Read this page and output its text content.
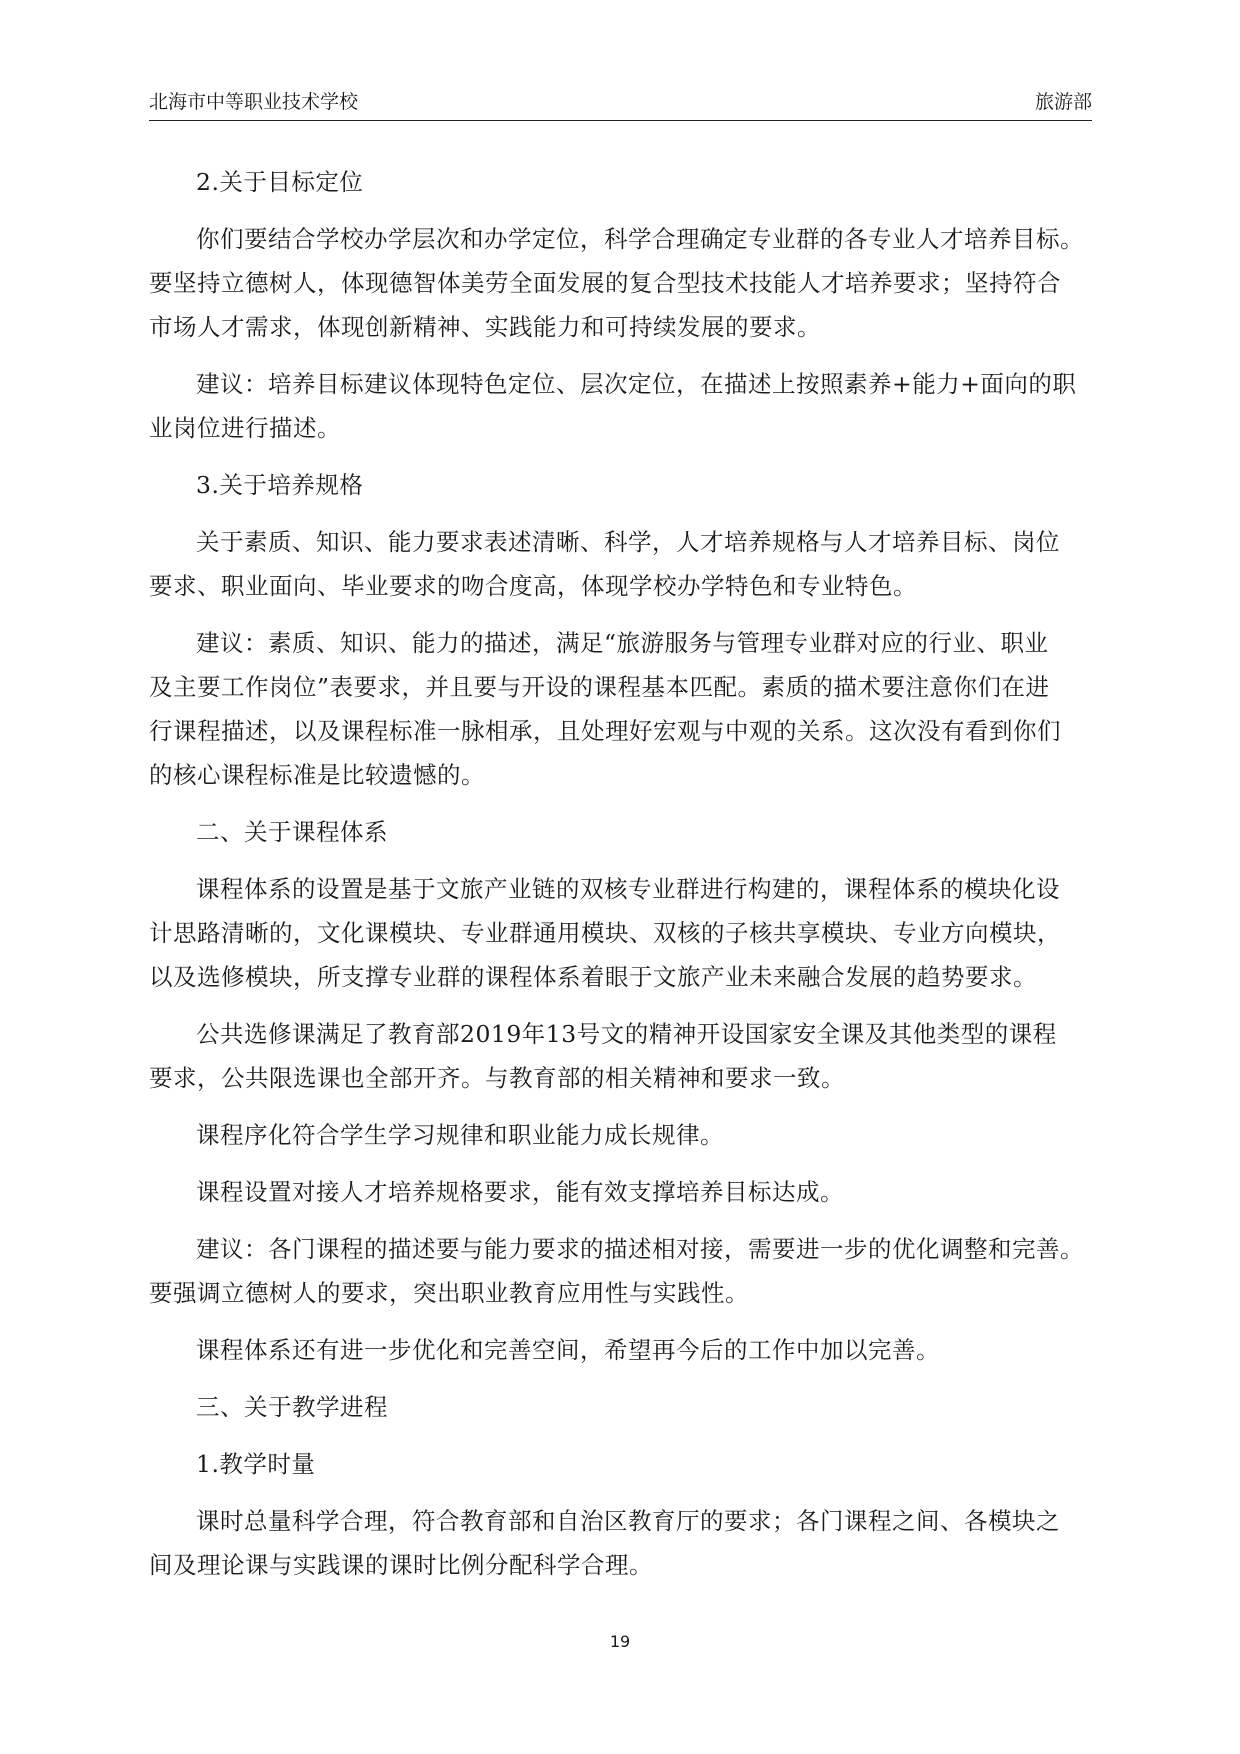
北海市中等职业技术学校	旅游部

2.关于目标定位

你们要结合学校办学层次和办学定位，科学合理确定专业群的各专业人才培养目标。
要坚持立德树人，体现德智体美劳全面发展的复合型技术技能人才培养要求；坚持符合
市场人才需求，体现创新精神、实践能力和可持续发展的要求。

建议：培养目标建议体现特色定位、层次定位，在描述上按照素养+能力+面向的职
业岗位进行描述。

3.关于培养规格

关于素质、知识、能力要求表述清晰、科学，人才培养规格与人才培养目标、岗位
要求、职业面向、毕业要求的吻合度高，体现学校办学特色和专业特色。

建议：素质、知识、能力的描述，满足“旅游服务与管理专业群对应的行业、职业
及主要工作岗位”表要求，并且要与开设的课程基本匹配。素质的描术要注意你们在进
行课程描述，以及课程标准一脉相承，且处理好宏观与中观的关系。这次没有看到你们
的核心课程标准是比较遗憾的。

二、关于课程体系

课程体系的设置是基于文旅产业链的双核专业群进行构建的，课程体系的模块化设
计思路清晰的，文化课模块、专业群通用模块、双核的子核共享模块、专业方向模块，
以及选修模块，所支撑专业群的课程体系着眼于文旅产业未来融合发展的趋势要求。

公共选修课满足了教育部2019年13号文的精神开设国家安全课及其他类型的课程
要求，公共限选课也全部开齐。与教育部的相关精神和要求一致。

课程序化符合学生学习规律和职业能力成长规律。

课程设置对接人才培养规格要求，能有效支撑培养目标达成。

建议：各门课程的描述要与能力要求的描述相对接，需要进一步的优化调整和完善。
要强调立德树人的要求，突出职业教育应用性与实践性。

课程体系还有进一步优化和完善空间，希望再今后的工作中加以完善。

三、关于教学进程

1.教学时量

课时总量科学合理，符合教育部和自治区教育厅的要求；各门课程之间、各模块之
间及理论课与实践课的课时比例分配科学合理。

19
